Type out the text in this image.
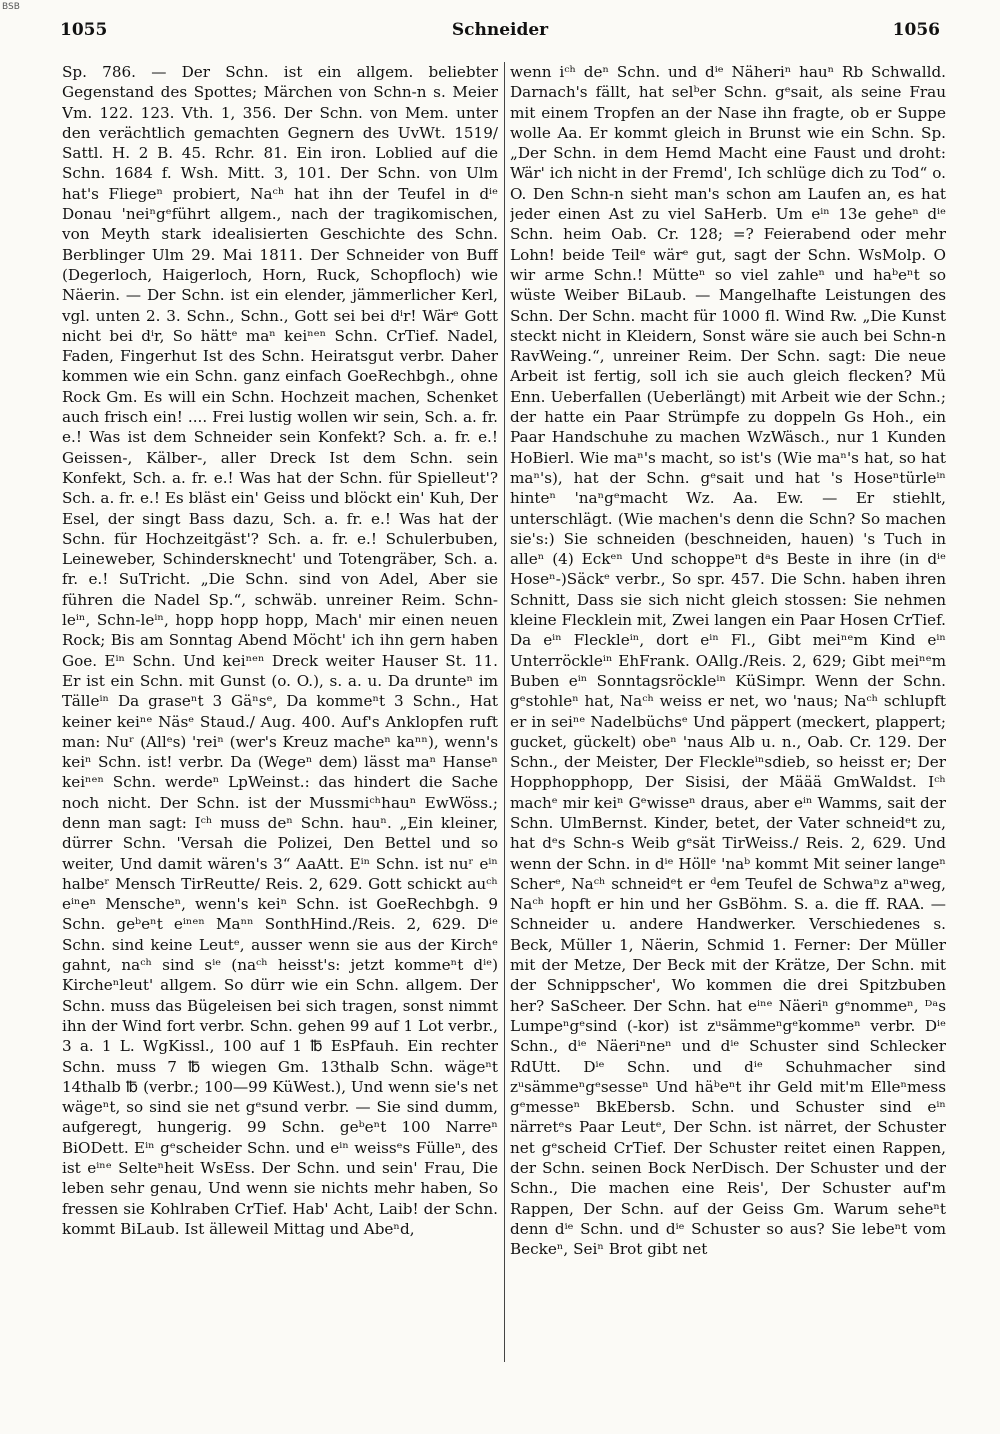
BSB
1055	Schneider	1056

Sp. 786. — Der Schn. ist ein allgem. beliebter Gegenstand des Spottes; Märchen von Schn-n s. Meier Vm. 122. 123. Vth. 1, 356. Der Schn. von Mem. unter den verächtlich gemachten Gegnern des UvWt. 1519/ Sattl. H. 2 B. 45. Rchr. 81. Ein iron. Loblied auf die Schn. 1684 f. Wsh. Mitt. 3, 101. Der Schn. von Ulm hat's Fliegeⁿ probiert, Naᶜʰ hat ihn der Teufel in dⁱᵉ Donau 'neiⁿgᵉführt allgem., nach der tragikomischen, von Meyth stark idealisierten Geschichte des Schn. Berblinger Ulm 29. Mai 1811. Der Schneider von Buff (Degerloch, Haigerloch, Horn, Ruck, Schopfloch) wie Näerin. — Der Schn. ist ein elender, jämmerlicher Kerl, vgl. unten 2. 3. Schn., Schn., Gott sei bei dⁱr! Wärᵉ Gott nicht bei dⁱr, So hättᵉ maⁿ keiⁿᵉⁿ Schn. CrTief. Nadel, Faden, Fingerhut Ist des Schn. Heiratsgut verbr. Daher kommen wie ein Schn. ganz einfach GoeRechbgh., ohne Rock Gm. Es will ein Schn. Hochzeit machen, Schenket auch frisch ein! .... Frei lustig wollen wir sein, Sch. a. fr. e.! Was ist dem Schneider sein Konfekt? Sch. a. fr. e.! Geissen-, Kälber-, aller Dreck Ist dem Schn. sein Konfekt, Sch. a. fr. e.! Was hat der Schn. für Spielleut'? Sch. a. fr. e.! Es bläst ein' Geiss und blöckt ein' Kuh, Der Esel, der singt Bass dazu, Sch. a. fr. e.! Was hat der Schn. für Hochzeitgäst'? Sch. a. fr. e.! Schulerbuben, Leineweber, Schindersknecht' und Totengräber, Sch. a. fr. e.! SuTricht. „Die Schn. sind von Adel, Aber sie führen die Nadel Sp.“, schwäb. unreiner Reim. Schn-leⁱⁿ, Schn-leⁱⁿ, hopp hopp hopp, Mach' mir einen neuen Rock; Bis am Sonntag Abend Möcht' ich ihn gern haben Goe. Eⁱⁿ Schn. Und keiⁿᵉⁿ Dreck weiter Hauser St. 11. Er ist ein Schn. mit Gunst (o. O.), s. a. u. Da drunteⁿ im Tälleⁱⁿ Da graseⁿt 3 Gäⁿsᵉ, Da kommeⁿt 3 Schn., Hat keiner keiⁿᵉ Näsᵉ Staud./ Aug. 400. Auf's Anklopfen ruft man: Nuʳ (Allᵉs) 'reiⁿ (wer's Kreuz macheⁿ kaⁿⁿ), wenn's keiⁿ Schn. ist! verbr. Da (Wegeⁿ dem) lässt maⁿ Hanseⁿ keiⁿᵉⁿ Schn. werdeⁿ LpWeinst.: das hindert die Sache noch nicht. Der Schn. ist der Mussmiᶜʰhauⁿ EwWöss.; denn man sagt: Iᶜʰ muss deⁿ Schn. hauⁿ. „Ein kleiner, dürrer Schn. 'Versah die Polizei, Den Bettel und so weiter, Und damit wären's 3“ AaAtt. Eⁱⁿ Schn. ist nuʳ eⁱⁿ halbeʳ Mensch TirReutte/ Reis. 2, 629. Gott schickt auᶜʰ eⁱⁿeⁿ Menscheⁿ, wenn's keiⁿ Schn. ist GoeRechbgh. 9 Schn. geᵇeⁿt eⁱⁿᵉⁿ Maⁿⁿ SonthHind./Reis. 2, 629. Dⁱᵉ Schn. sind keine Leutᵉ, ausser wenn sie aus der Kirchᵉ gahnt, naᶜʰ sind sⁱᵉ (naᶜʰ heisst's: jetzt kommeⁿt dⁱᵉ) Kircheⁿleut' allgem. So dürr wie ein Schn. allgem. Der Schn. muss das Bügeleisen bei sich tragen, sonst nimmt ihn der Wind fort verbr. Schn. gehen 99 auf 1 Lot verbr., 3 a. 1 L. WgKissl., 100 auf 1 ℔ EsPfauh. Ein rechter Schn. muss 7 ℔ wiegen Gm. 13thalb Schn. wägeⁿt 14thalb ℔ (verbr.; 100—99 KüWest.), Und wenn sie's net wägeⁿt, so sind sie net gᵉsund verbr. — Sie sind dumm, aufgeregt, hungerig. 99 Schn. geᵇeⁿt 100 Narreⁿ BiODett. Eⁱⁿ gᵉscheider Schn. und eⁱⁿ weissᵉs Fülleⁿ, des ist eⁱⁿᵉ Selteⁿheit WsEss. Der Schn. und sein' Frau, Die leben sehr genau, Und wenn sie nichts mehr haben, So fressen sie Kohlraben CrTief. Hab' Acht, Laib! der Schn. kommt BiLaub. Ist älleweil Mittag und Abeⁿd,

wenn iᶜʰ deⁿ Schn. und dⁱᵉ Näheriⁿ hauⁿ Rb Schwalld. Darnach's fällt, hat selᵇer Schn. gᵉsait, als seine Frau mit einem Tropfen an der Nase ihn fragte, ob er Suppe wolle Aa. Er kommt gleich in Brunst wie ein Schn. Sp. „Der Schn. in dem Hemd Macht eine Faust und droht: Wär' ich nicht in der Fremd', Ich schlüge dich zu Tod“ o. O. Den Schn-n sieht man's schon am Laufen an, es hat jeder einen Ast zu viel SaHerb. Um eⁱⁿ 13e geheⁿ dⁱᵉ Schn. heim Oab. Cr. 128; =? Feierabend oder mehr Lohn! beide Teilᵉ wärᵉ gut, sagt der Schn. WsMolp. O wir arme Schn.! Mütteⁿ so viel zahleⁿ und haᵇeⁿt so wüste Weiber BiLaub. — Mangelhafte Leistungen des Schn. Der Schn. macht für 1000 fl. Wind Rw. „Die Kunst steckt nicht in Kleidern, Sonst wäre sie auch bei Schn-n RavWeing.“, unreiner Reim. Der Schn. sagt: Die neue Arbeit ist fertig, soll ich sie auch gleich flecken? Mü Enn. Ueberfallen (Ueberlängt) mit Arbeit wie der Schn.; der hatte ein Paar Strümpfe zu doppeln Gs Hoh., ein Paar Handschuhe zu machen WzWäsch., nur 1 Kunden HoBierl. Wie maⁿ's macht, so ist's (Wie maⁿ's hat, so hat maⁿ's), hat der Schn. gᵉsait und hat 's Hoseⁿtürleⁱⁿ hinteⁿ 'naⁿgᵉmacht Wz. Aa. Ew. — Er stiehlt, unterschlägt. (Wie machen's denn die Schn? So machen sie's:) Sie schneiden (beschneiden, hauen) 's Tuch in alleⁿ (4) Eckᵉⁿ Und schoppeⁿt dᵃs Beste in ihre (in dⁱᵉ Hoseⁿ-)Säckᵉ verbr., So spr. 457. Die Schn. haben ihren Schnitt, Dass sie sich nicht gleich stossen: Sie nehmen kleine Flecklein mit, Zwei langen ein Paar Hosen CrTief. Da eⁱⁿ Fleckleⁱⁿ, dort eⁱⁿ Fl., Gibt meiⁿᵉm Kind eⁱⁿ Unterröckleⁱⁿ EhFrank. OAllg./Reis. 2, 629; Gibt meiⁿᵉm Buben eⁱⁿ Sonntagsröckleⁱⁿ KüSimpr. Wenn der Schn. gᵉstohleⁿ hat, Naᶜʰ weiss er net, wo 'naus; Naᶜʰ schlupft er in seiⁿᵉ Nadelbüchsᵉ Und päppert (meckert, plappert; gucket, gückelt) obeⁿ 'naus Alb u. n., Oab. Cr. 129. Der Schn., der Meister, Der Fleckleⁱⁿsdieb, so heisst er; Der Hopphopphopp, Der Sisisi, der Määä GmWaldst. Iᶜʰ machᵉ mir keiⁿ Gᵉwisseⁿ draus, aber eⁱⁿ Wamms, sait der Schn. UlmBernst. Kinder, betet, der Vater schneidᵉt zu, hat dᵉs Schn-s Weib gᵉsät TirWeiss./ Reis. 2, 629. Und wenn der Schn. in dⁱᵉ Höllᵉ 'naᵇ kommt Mit seiner langeⁿ Scherᵉ, Naᶜʰ schneidᵉt er ᵈem Teufel de Schwaⁿz aⁿweg, Naᶜʰ hopft er hin und her GsBöhm. S. a. die ff. RAA. — Schneider u. andere Handwerker. Verschiedenes s. Beck, Müller 1, Näerin, Schmid 1. Ferner: Der Müller mit der Metze, Der Beck mit der Krätze, Der Schn. mit der Schnippscher', Wo kommen die drei Spitzbuben her? SaScheer. Der Schn. hat eⁱⁿᵉ Näeriⁿ gᵉnommeⁿ, ᴰᵃs Lumpeⁿgᵉsind (-kor) ist zᵘsämmeⁿgᵉkommeⁿ verbr. Dⁱᵉ Schn., dⁱᵉ Näeriⁿneⁿ und dⁱᵉ Schuster sind Schlecker RdUtt. Dⁱᵉ Schn. und dⁱᵉ Schuhmacher sind zᵘsämmeⁿgᵉsesseⁿ Und häᵇeⁿt ihr Geld mit'm Elleⁿmess gᵉmesseⁿ BkEbersb. Schn. und Schuster sind eⁱⁿ närretᵉs Paar Leutᵉ, Der Schn. ist närret, der Schuster net gᵉscheid CrTief. Der Schuster reitet einen Rappen, der Schn. seinen Bock NerDisch. Der Schuster und der Schn., Die machen eine Reis', Der Schuster auf'm Rappen, Der Schn. auf der Geiss Gm. Warum seheⁿt denn dⁱᵉ Schn. und dⁱᵉ Schuster so aus? Sie lebeⁿt vom Beckeⁿ, Seiⁿ Brot gibt net
